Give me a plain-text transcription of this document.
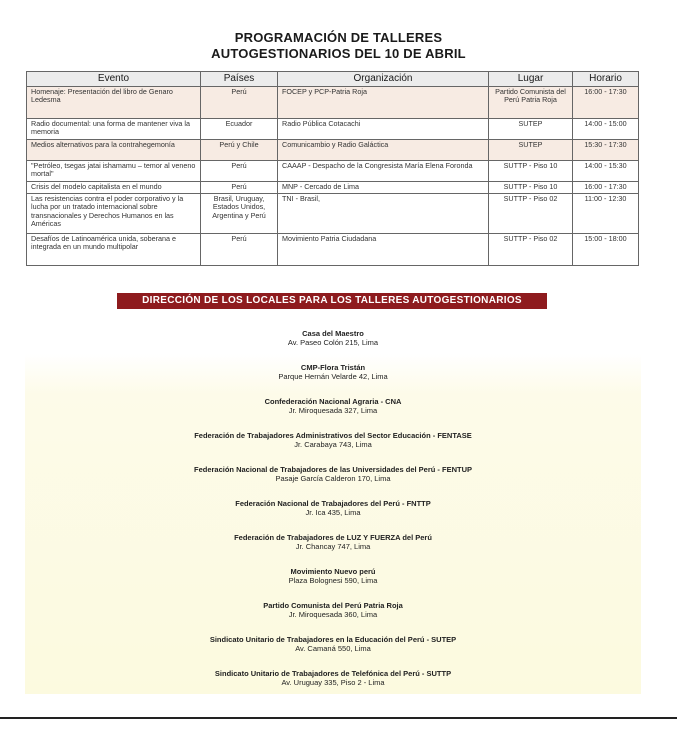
PROGRAMACIÓN DE TALLERES
AUTOGESTIONARIOS DEL 10 DE ABRIL
Evento	Países	Organización	Lugar	Horario
Homenaje: Presentación del libro de Genaro Ledesma	Perú	FOCEP y PCP-Patria Roja	Partido Comunista del Perú Patria Roja	16:00 - 17:30
Radio documental: una forma de mantener viva la memoria	Ecuador	Radio Pública Cotacachi	SUTEP	14:00 - 15:00
Medios alternativos para la contrahegemonía	Perú y Chile	Comunicambio y Radio Galáctica	SUTEP	15:30 - 17:30
"Petróleo, tsegas jatai ishamamu – temor al veneno mortal"	Perú	CAAAP - Despacho de la Congresista María Elena Foronda	SUTTP - Piso 10	14:00 - 15:30
Crisis del modelo capitalista en el mundo	Perú	MNP - Cercado de Lima	SUTTP - Piso 10	16:00 - 17:30
Las resistencias contra el poder corporativo y la lucha por un tratado internacional sobre transnacionales y Derechos Humanos en las Américas	Brasil, Uruguay, Estados Unidos, Argentina y Perú	TNI - Brasil,	SUTTP - Piso 02	11:00 - 12:30
Desafíos de Latinoamérica unida, soberana e integrada en un mundo multipolar	Perú	Movimiento Patria Ciudadana	SUTTP - Piso 02	15:00 - 18:00
DIRECCIÓN DE LOS LOCALES PARA LOS TALLERES AUTOGESTIONARIOS
Casa del Maestro
Av. Paseo Colón 215, Lima
CMP-Flora Tristán
Parque Hernán Velarde 42, Lima
Confederación Nacional Agraria - CNA
Jr. Miroquesada 327, Lima
Federación de Trabajadores Administrativos del Sector Educación - FENTASE
Jr. Carabaya 743, Lima
Federación Nacional de Trabajadores de las Universidades del Perú - FENTUP
Pasaje García Calderon 170, Lima
Federación Nacional de Trabajadores del Perú - FNTTP
Jr. Ica 435, Lima
Federación de Trabajadores de LUZ Y FUERZA del Perú
Jr. Chancay 747, Lima
Movimiento Nuevo perú
Plaza Bolognesi 590, Lima
Partido Comunista del Perú Patria Roja
Jr. Miroquesada 360, Lima
Sindicato Unitario de Trabajadores en la Educación del Perú - SUTEP
Av. Camaná 550, Lima
Sindicato Unitario de Trabajadores de Telefónica del Perú - SUTTP
Av. Uruguay 335, Piso 2 - Lima
